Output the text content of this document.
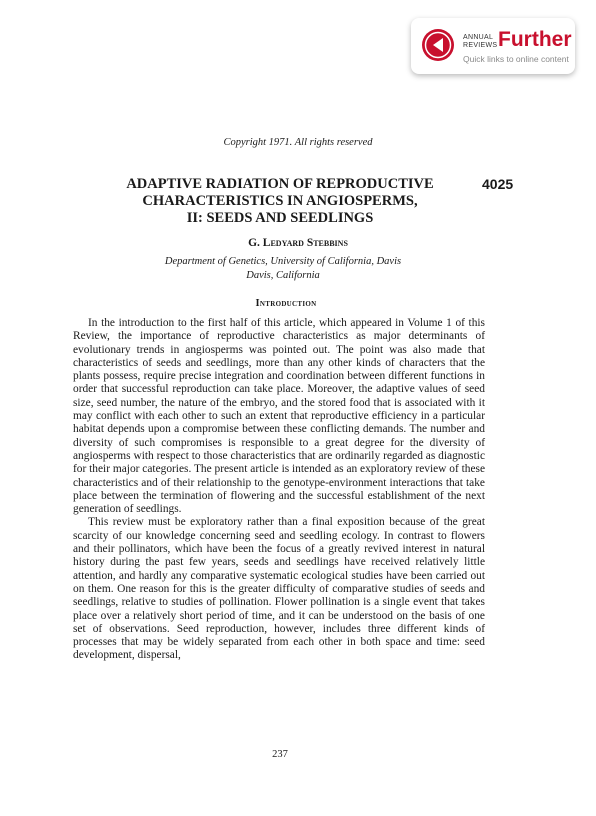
ANNUAL
REVIEWS Further
Quick links to online content
Copyright 1971. All rights reserved
4025
ADAPTIVE RADIATION OF REPRODUCTIVE
CHARACTERISTICS IN ANGIOSPERMS,
II: SEEDS AND SEEDLINGS
G. Ledyard Stebbins
Department of Genetics, University of California, Davis
Davis, California
Introduction

In the introduction to the first half of this article, which appeared in Volume 1 of this Review, the importance of reproductive characteristics as major determinants of evolutionary trends in angiosperms was pointed out. The point was also made that characteristics of seeds and seedlings, more than any other kinds of characters that the plants possess, require precise integration and coordination between different functions in order that successful reproduction can take place. Moreover, the adaptive values of seed size, seed number, the nature of the embryo, and the stored food that is associated with it may conflict with each other to such an extent that reproductive efficiency in a particular habitat depends upon a compromise between these conflicting demands. The number and diversity of such compromises is responsible to a great degree for the diversity of angiosperms with respect to those characteristics that are ordinarily regarded as diagnostic for their major categories. The present article is intended as an exploratory review of these characteristics and of their relationship to the genotype-environment interactions that take place between the termination of flowering and the successful establishment of the next generation of seedlings.

This review must be exploratory rather than a final exposition because of the great scarcity of our knowledge concerning seed and seedling ecology. In contrast to flowers and their pollinators, which have been the focus of a greatly revived interest in natural history during the past few years, seeds and seedlings have received relatively little attention, and hardly any comparative systematic ecological studies have been carried out on them. One reason for this is the greater difficulty of comparative studies of seeds and seedlings, relative to studies of pollination. Flower pollination is a single event that takes place over a relatively short period of time, and it can be understood on the basis of one set of observations. Seed reproduction, however, includes three different kinds of processes that may be widely separated from each other in both space and time: seed development, dispersal,

237
